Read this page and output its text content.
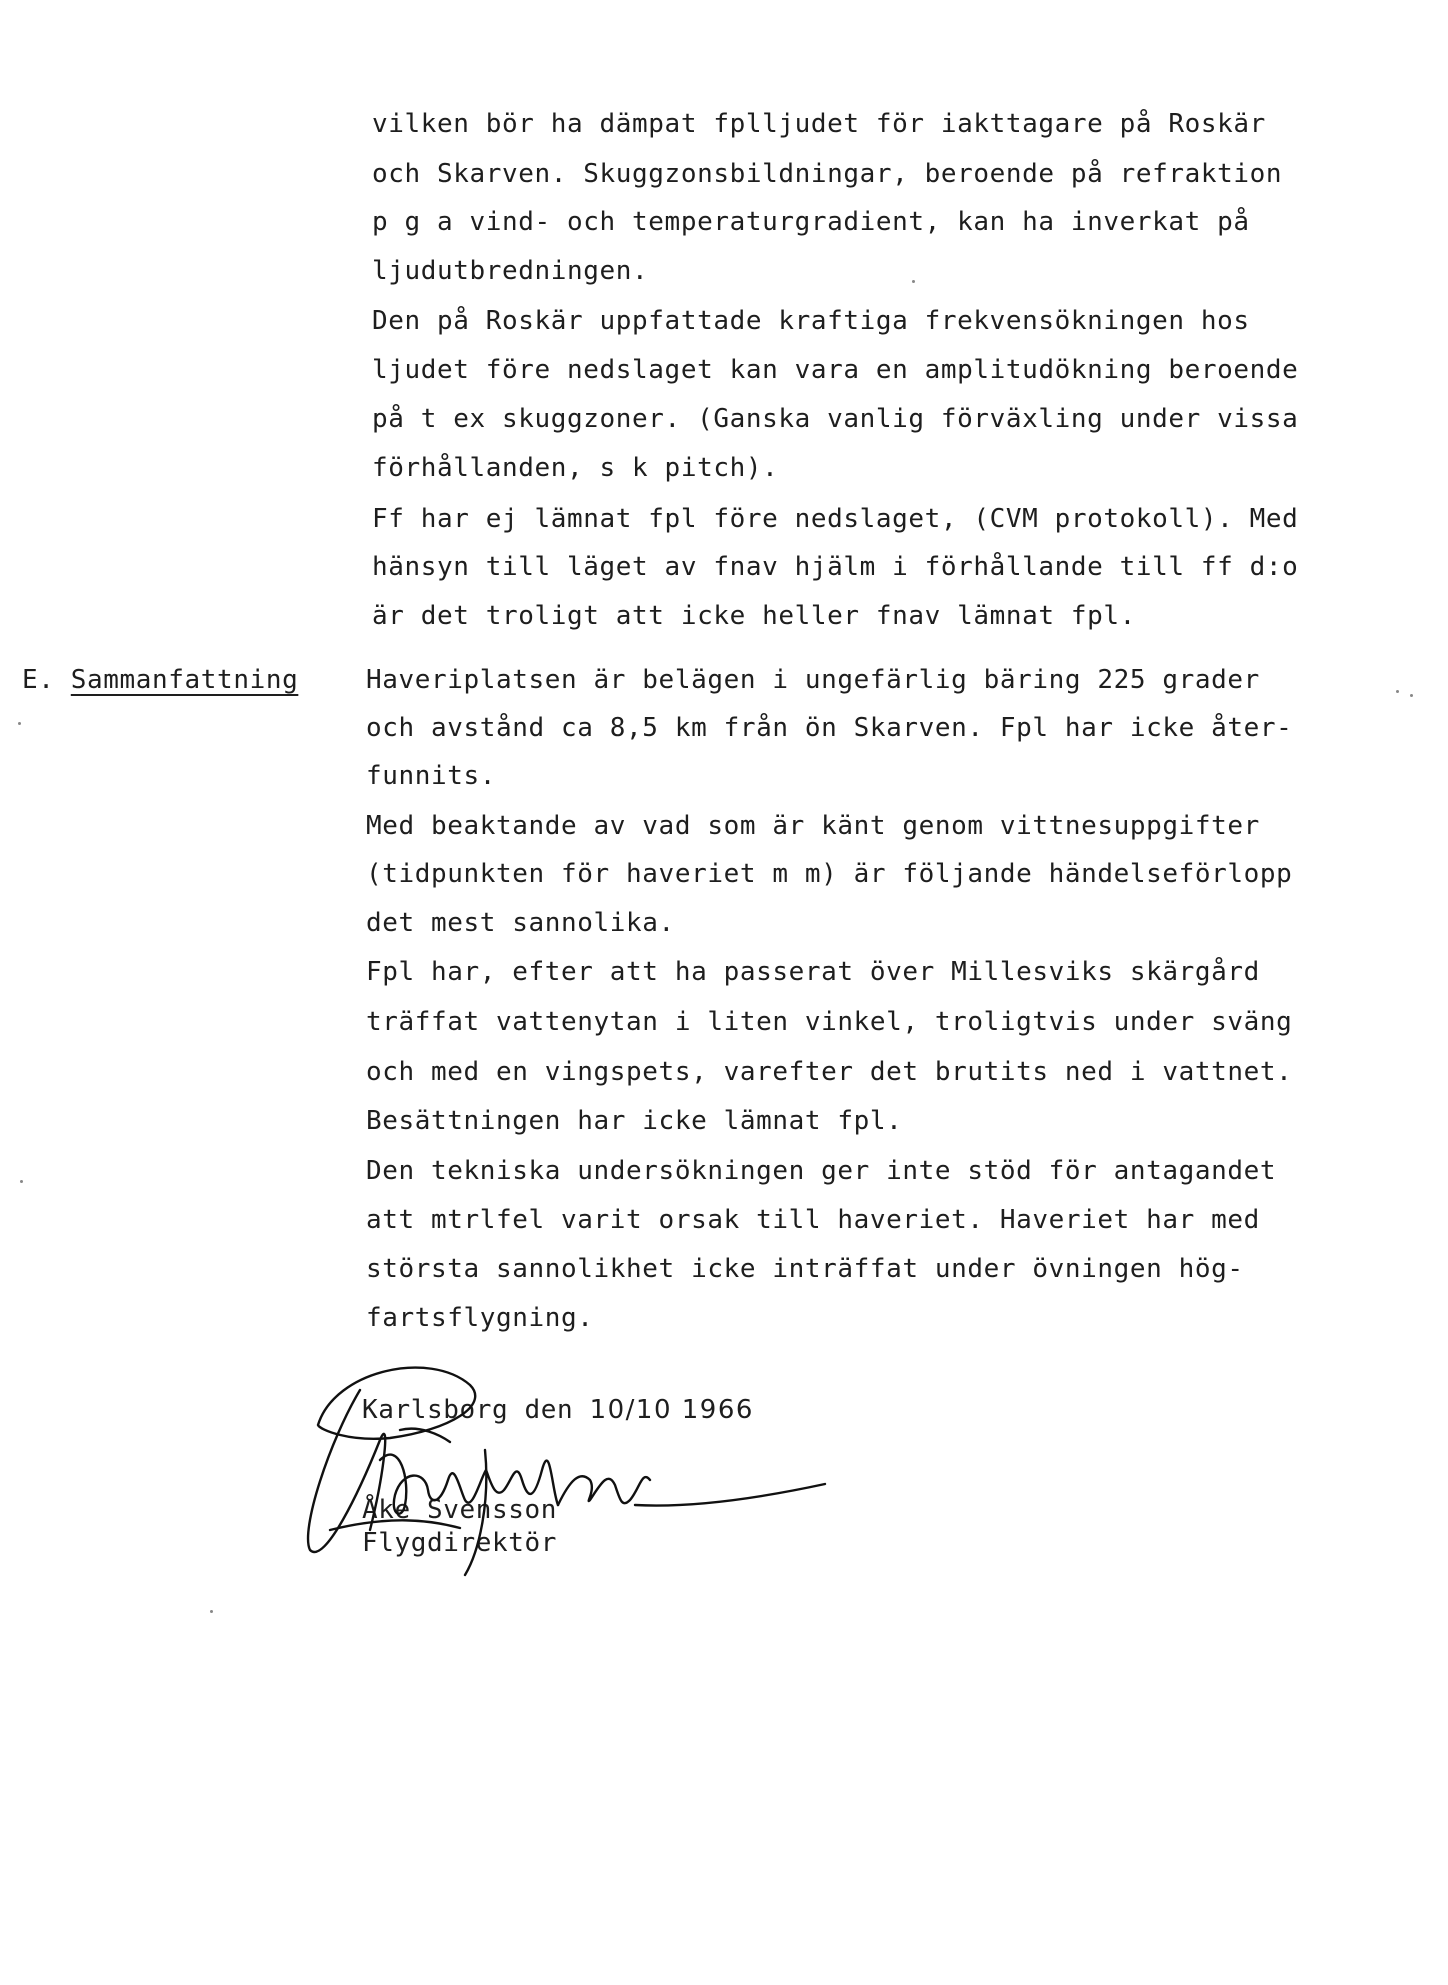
vilken bör ha dämpat fplljudet för iakttagare på Roskär
och Skarven. Skuggzonsbildningar, beroende på refraktion
p g a vind- och temperaturgradient, kan ha inverkat på
ljudutbredningen.
Den på Roskär uppfattade kraftiga frekvensökningen hos
ljudet före nedslaget kan vara en amplitudökning beroende
på t ex skuggzoner. (Ganska vanlig förväxling under vissa
förhållanden, s k pitch).
Ff har ej lämnat fpl före nedslaget, (CVM protokoll). Med
hänsyn till läget av fnav hjälm i förhållande till ff d:o
är det troligt att icke heller fnav lämnat fpl.
E. Sammanfattning	Haveriplatsen är belägen i ungefärlig bäring 225 grader
och avstånd ca 8,5 km från ön Skarven. Fpl har icke åter-
funnits.
Med beaktande av vad som är känt genom vittnesuppgifter
(tidpunkten för haveriet m m) är följande händelseförlopp
det mest sannolika.
Fpl har, efter att ha passerat över Millesviks skärgård
träffat vattenytan i liten vinkel, troligtvis under sväng
och med en vingspets, varefter det brutits ned i vattnet.
Besättningen har icke lämnat fpl.
Den tekniska undersökningen ger inte stöd för antagandet
att mtrlfel varit orsak till haveriet. Haveriet har med
största sannolikhet icke inträffat under övningen hög-
fartsflygning.
Karlsborg den 10/10 1966
Åke Svensson
Flygdirektör
